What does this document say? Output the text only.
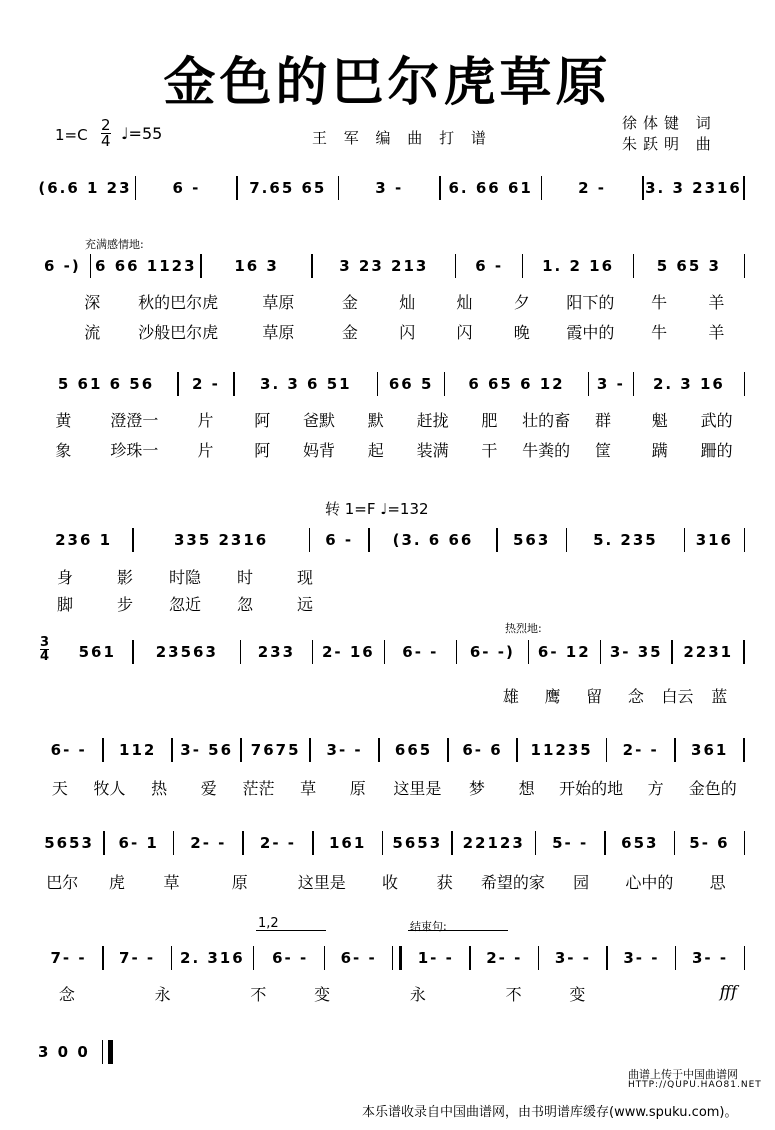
金色的巴尔虎草原
1=C
2
4 ♩=55	王 军 编 曲 打 谱
徐体键 词
朱跃明 曲
(6.6 1 23	6 -	7.65 65	3 -	6. 66 61	2 -	3. 3 2316
充满感情地:
6 -) 6 66 1123	16 3	3 23 213	6 -	1. 2 16	5 65 3
深	秋的巴尔虎	草原	金	灿	灿	夕	阳下的	牛	羊
流	沙般巴尔虎	草原	金	闪	闪	晚	霞中的	牛	羊
5 61 6 56	2 -	3. 3 6 51	66 5	6 65 6 12	3 -	2. 3 16
黄	澄澄一	片	阿	爸默	默	赶拢	肥	壮的畜	群	魁	武的
象	珍珠一	片	阿	妈背	起	装满	干	牛粪的	筐	蹒	跚的
转 1=F ♩=132
236 1	335 2316	6 -	(3. 6 66	563	5. 235	316
身	影	时隐	时	现
脚	步	忽近	忽	远
热烈地:
3
4	561	23563	233	2- 16	6- -	6- -)	6- 12	3- 35	2231
雄	鹰	留	念	白云	蓝
6- -	112	3- 56	7675	3- -	665	6- 6	11235	2- -	361
天	牧人	热	爱	茫茫	草	原	这里是	梦	想	开始的地	方	金色的
5653	6- 1	2- -	2- -	161	5653	22123	5- -	653	5- 6
巴尔	虎	草	原	这里是	收	获	希望的家	园	心中的	思
1,2	结束句:
7- -	7- -	2. 316	6- -	6- -	1- -	2- -	3- -	3- -	3- -
念	永	不	变	永	不	变	fff
3 0 0
曲谱上传于中国曲谱网
HTTP://QUPU.HAO81.NET
本乐谱收录自中国曲谱网，由书明谱库缓存(www.spuku.com)。
